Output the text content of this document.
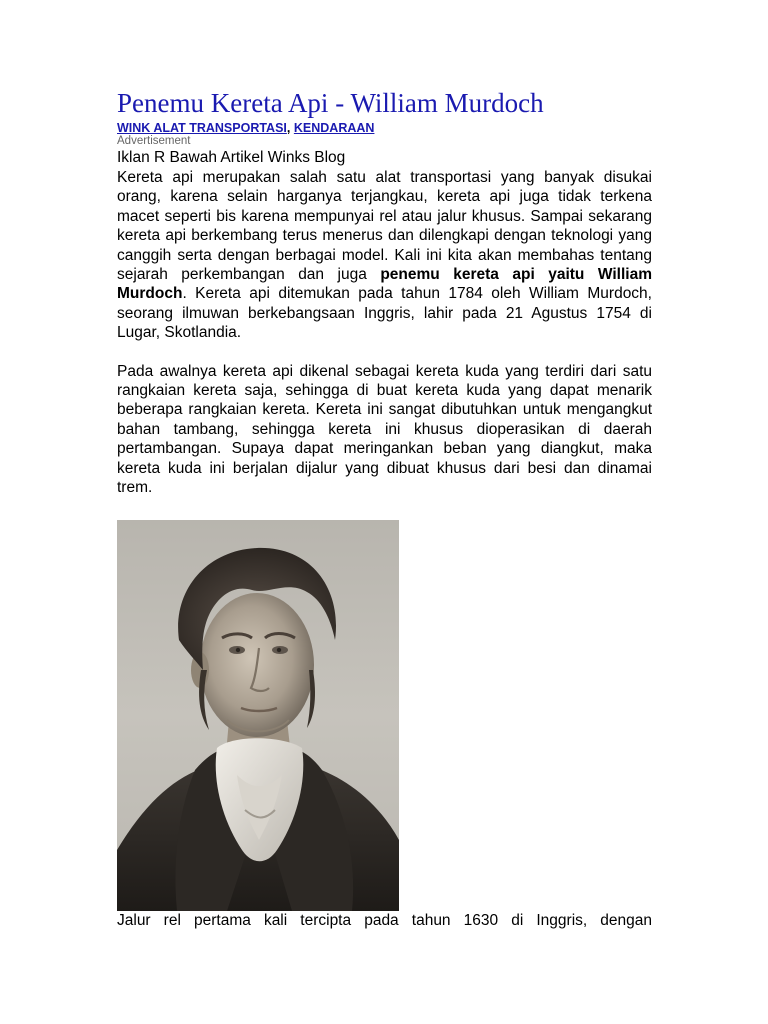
Penemu Kereta Api - William Murdoch
WINK ALAT TRANSPORTASI, KENDARAAN
Advertisement
Iklan R Bawah Artikel Winks Blog

Kereta api merupakan salah satu alat transportasi yang banyak disukai orang, karena selain harganya terjangkau, kereta api juga tidak terkena macet seperti bis karena mempunyai rel atau jalur khusus. Sampai sekarang kereta api berkembang terus menerus dan dilengkapi dengan teknologi yang canggih serta dengan berbagai model. Kali ini kita akan membahas tentang sejarah perkembangan dan juga penemu kereta api yaitu William Murdoch. Kereta api ditemukan pada tahun 1784 oleh William Murdoch, seorang ilmuwan berkebangsaan Inggris, lahir pada 21 Agustus 1754 di Lugar, Skotlandia.

Pada awalnya kereta api dikenal sebagai kereta kuda yang terdiri dari satu rangkaian kereta saja, sehingga di buat kereta kuda yang dapat menarik beberapa rangkaian kereta. Kereta ini sangat dibutuhkan untuk mengangkut bahan tambang, sehingga kereta ini khusus dioperasikan di daerah pertambangan. Supaya dapat meringankan beban yang diangkut, maka kereta kuda ini berjalan dijalur yang dibuat khusus dari besi dan dinamai trem.

Jalur rel pertama kali tercipta pada tahun 1630 di Inggris, dengan
